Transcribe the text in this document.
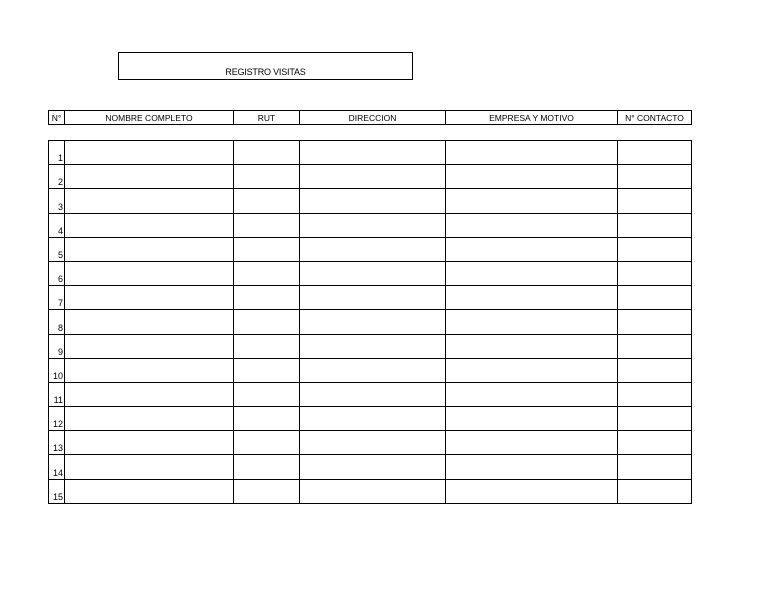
REGISTRO VISITAS
N°	NOMBRE COMPLETO	RUT	DIRECCION	EMPRESA Y MOTIVO	N° CONTACTO
1					
2					
3					
4					
5					
6					
7					
8					
9					
10					
11					
12					
13					
14					
15					
